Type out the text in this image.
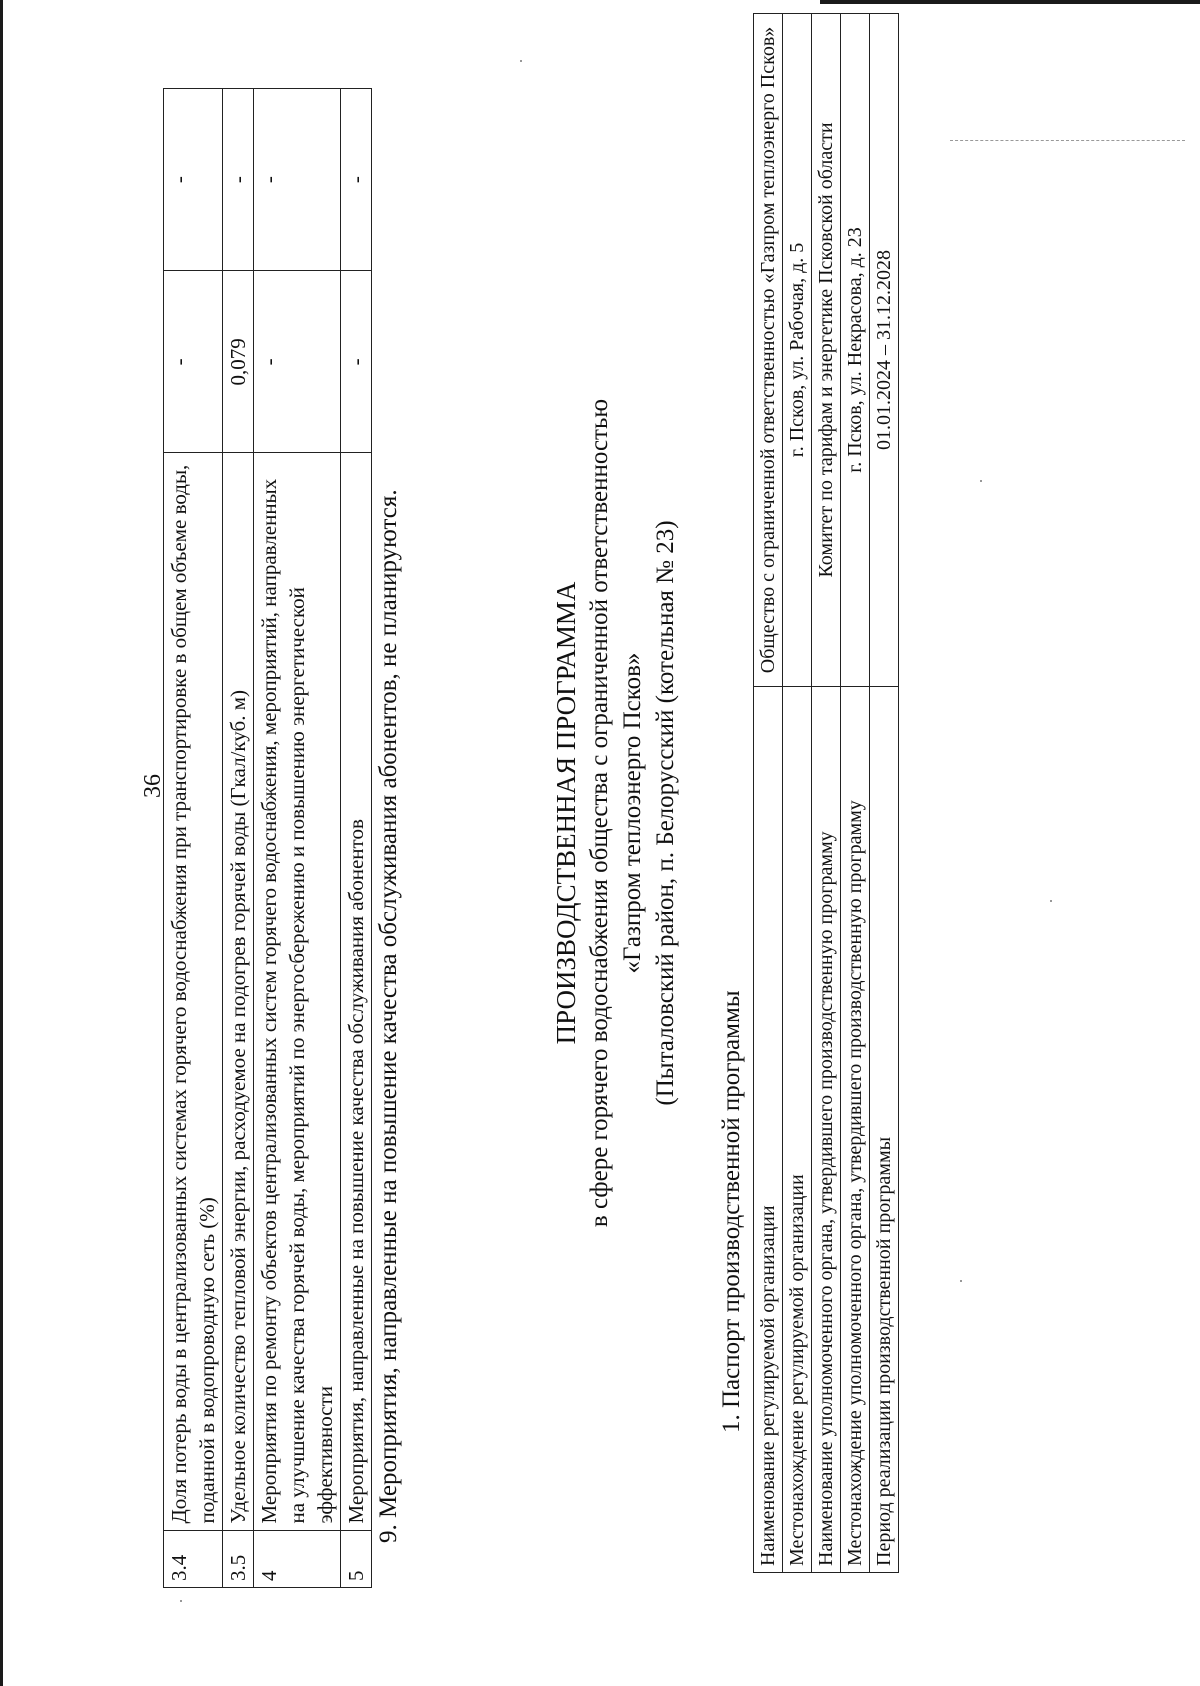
36
3.4	Доля потерь воды в централизованных системах горячего водоснабжения при транспортировке в общем объеме воды, поданной в водопроводную сеть (%)	-	-
3.5	Удельное количество тепловой энергии, расходуемое на подогрев горячей воды (Гкал/куб. м)	0,079	-
4	Мероприятия по ремонту объектов централизованных систем горячего водоснабжения, мероприятий, направленных на улучшение качества горячей воды, мероприятий по энергосбережению и повышению энергетической эффективности	-	-
5	Мероприятия, направленные на повышение качества обслуживания абонентов	-	-
9. Мероприятия, направленные на повышение качества обслуживания абонентов, не планируются.	ПРОИЗВОДСТВЕННАЯ ПРОГРАММА в сфере горячего водоснабжения общества с ограниченной ответственностью «Газпром теплоэнерго Псков» (Пыталовский район, п. Белорусский (котельная № 23)
1. Паспорт производственной программы Наименование регулируемой организации	Общество с ограниченной ответственностью «Газпром теплоэнерго Псков»
Местонахождение регулируемой организации	г. Псков, ул. Рабочая, д. 5
Наименование уполномоченного органа, утвердившего производственную программу	Комитет по тарифам и энергетике Псковской области
Местонахождение уполномоченного органа, утвердившего производственную программу	г. Псков, ул. Некрасова, д. 23
Период реализации производственной программы	01.01.2024 – 31.12.2028
